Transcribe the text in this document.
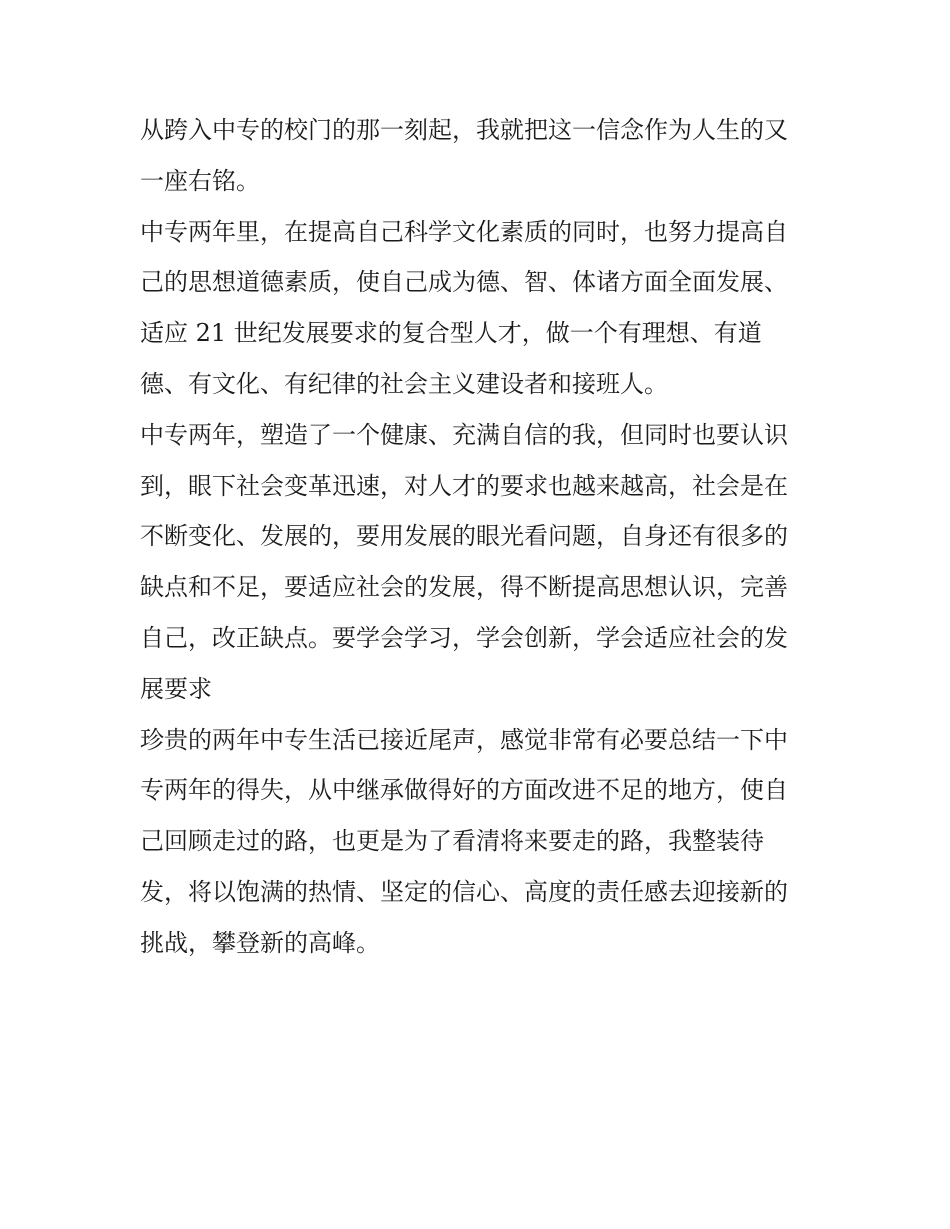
从跨入中专的校门的那一刻起，我就把这一信念作为人生的又
一座右铭。
中专两年里，在提高自己科学文化素质的同时，也努力提高自
己的思想道德素质，使自己成为德、智、体诸方面全面发展、
适应 21 世纪发展要求的复合型人才，做一个有理想、有道
德、有文化、有纪律的社会主义建设者和接班人。
中专两年，塑造了一个健康、充满自信的我，但同时也要认识
到，眼下社会变革迅速，对人才的要求也越来越高，社会是在
不断变化、发展的，要用发展的眼光看问题，自身还有很多的
缺点和不足，要适应社会的发展，得不断提高思想认识，完善
自己，改正缺点。要学会学习，学会创新，学会适应社会的发
展要求
珍贵的两年中专生活已接近尾声，感觉非常有必要总结一下中
专两年的得失，从中继承做得好的方面改进不足的地方，使自
己回顾走过的路，也更是为了看清将来要走的路，我整装待
发，将以饱满的热情、坚定的信心、高度的责任感去迎接新的
挑战，攀登新的高峰。
